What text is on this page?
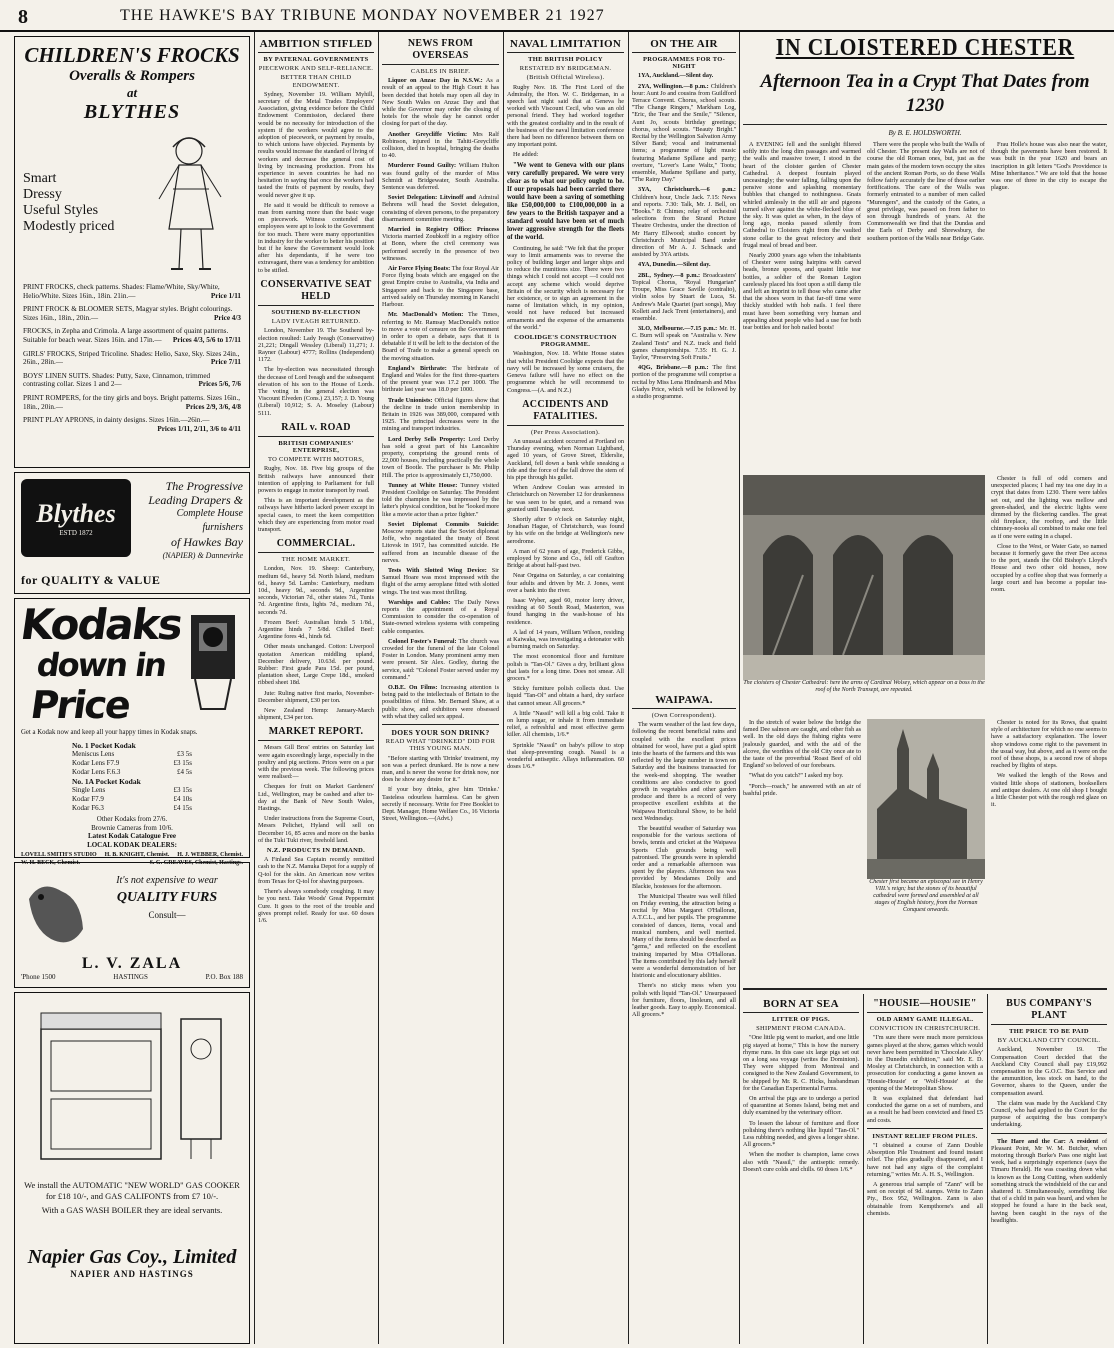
8	THE HAWKE'S BAY TRIBUNE MONDAY NOVEMBER 21 1927
CHILDREN'S FROCKS
Overalls & Rompers
at
BLYTHES
Smart
Dressy
Useful Styles
Modestly priced
PRINT FROCKS, check patterns. Shades: Flame/White, Sky/White, Helio/White. Sizes 16in., 18in. 21in.—	Price 1/11
PRINT FROCK & BLOOMER SETS, Magyar styles. Bright colourings. Sizes 16in., 18in., 20in.—	Price 4/3
FROCKS, in Zepha and Crimola. A large assortment of quaint patterns. Suitable for beach wear. Sizes 16in. and 17in.— Prices 4/3, 5/6 to 17/11
GIRLS' FROCKS, Striped Tricoline. Shades: Helio, Saxe, Sky. Sizes 24in., 26in., 28in.—	Price 7/11
BOYS' LINEN SUITS. Shades: Putty, Saxe, Cinnamon, trimmed contrasting collar. Sizes 1 and 2—	Prices 5/6, 7/6
PRINT ROMPERS, for the tiny girls and boys. Bright patterns. Sizes 16in., 18in., 20in.—	Prices 2/9, 3/6, 4/8
PRINT PLAY APRONS, in dainty designs. Sizes 16in.—26in.—
Prices 1/11, 2/11, 3/6 to 4/11
Blythes
ESTD 1872
The Progressive
Leading Drapers &
Complete House furnishers
of Hawkes Bay
(NAPIER) & Dannevirke
for QUALITY & VALUE
Kodaks
down in
Price
Get a Kodak now and keep all your happy times in Kodak snaps.
No. 1 Pocket Kodak
Meniscus Lens	£3 5s
Kodar Lens F7.9	£3 15s
Kodar Lens F.6.3	£4 5s
No. 1A Pocket Kodak
Single Lens	£3 15s
Kodar F7.9	£4 10s
Kodar F6.3	£4 15s
Other Kodaks from 27/6.
Brownie Cameras from 10/6.
Latest Kodak Catalogue Free
LOCAL KODAK DEALERS:
LOVELL SMITH'S STUDIO H. B. KNIGHT, Chemist. H. J. WEBBER, Chemist.
W. H. BECK, Chemist.	S. G. GREAVES, Chemist, Hastings.
It's not expensive to wear
QUALITY FURS
Consult—
L. V. ZALA
'Phone 1500	HASTINGS	P.O. Box 188
We install the AUTOMATIC "NEW WORLD" GAS COOKER for £18 10/-, and GAS CALIFONTS from £7 10/-.
With a GAS WASH BOILER they are ideal servants.
Napier Gas Coy., Limited
NAPIER AND HASTINGS
AMBITION STIFLED
BY PATERNAL GOVERNMENTS
PIECEWORK AND SELF-RELIANCE.
BETTER THAN CHILD ENDOWMENT.

Sydney, November 19. William Myhill, secretary of the Metal Trades Employers' Association, giving evidence before the Child Endowment Commission, declared there would be no necessity for introduction of the system if the workers would agree to the adoption of piecework, or payment by results, to which unions have objected. Payments by results would increase the standard of living of workers and decrease the general cost of living by increasing production. From his experience in seven countries he had no hesitation in saying that once the workers had tasted the fruits of payment by results, they would never give it up.

He said it would be difficult to remove a man from earning more than the basic wage on piecework. Witness contended that employees were apt to look to the Government for too much. There were many opportunities in industry for the worker to better his position but if he knew the Government would look after his dependants, if he were too extravagant, there was a tendency for ambition to be stifled.

CONSERVATIVE SEAT HELD
SOUTHEND BY-ELECTION
LADY IVEAGH RETURNED.

London, November 19. The Southend by-election resulted: Lady Iveagh (Conservative) 21,221; Dingall Wessley (Liberal) 11,271; J. Rayner (Labour) 4777; Rollins (Independent) 1172.

The by-election was necessitated through the decease of Lord Iveagh and the subsequent elevation of his son to the House of Lords. The voting in the general election was Viscount Elveden (Cons.) 23,157; J. D. Young (Liberal) 10,912; S. A. Moseley (Labour) 5111.

RAIL v. ROAD
BRITISH COMPANIES' ENTERPRISE,
TO COMPETE WITH MOTORS,

Rugby, Nov. 18. Five big groups of the British railways have announced their intention of applying to Parliament for full powers to engage in motor transport by road.

This is an important development as the railways have hitherto lacked power except in special cases, to meet the keen competition which they are experiencing from motor road transport.

COMMERCIAL.
THE HOME MARKET.

London, Nov. 19. Sheep: Canterbury, medium 6d., heavy 5d. North Island, medium 6d., heavy 5d. Lambs: Canterbury, medium 10d., heavy 9d., seconds 9d., Argentine seconds, Victorian 7d., other states 7d., Tunis 7d. Argentine firsts, lights 7d., medium 7d., seconds 7d.

Frozen Beef: Australian hinds 5 1/8d., Argentine hinds 7 5/8d. Chilled Beef: Argentine fores 4d., hinds 6d.

Other meats unchanged. Cotton: Liverpool quotation American middling upland, December delivery, 10.63d. per pound. Rubber: First grade Para 15d. per pound, plantation sheet, Large Crepe 18d., smoked ribbed sheet 18d.

Jute: Ruling native first marks, November-December shipment, £30 per ton.

New Zealand Hemp: January-March shipment, £34 per ton.

MARKET REPORT.

Messrs Gill Bros' entries on Saturday last were again exceedingly large, especially in the poultry and pig sections. Prices were on a par with the previous week. The following prices were realised:—

Cheques for fruit on Market Gardeners' Ltd., Wellington, may be cashed and after to-day at the Bank of New South Wales, Hastings.

Under instructions from the Supreme Court, Messrs Pelichet, Hyland will sell on December 16, 85 acres and more on the banks of the Tuki Tuki river, freehold land.

N.Z. PRODUCTS IN DEMAND.

A Finland Sea Captain recently remitted cash to the N.Z. Manuka Depot for a supply of Q-tol for the skin. An American now writes from Texas for Q-tol for shaving purposes.

There's always somebody coughing. It may be you next. Take Woods' Great Peppermint Cure. It goes to the root of the trouble and gives prompt relief. Ready for use. 60 doses 1/6.

NEWS FROM OVERSEAS
CABLES IN BRIEF.

Liquor on Anzac Day in N.S.W.: As a result of an appeal to the High Court it has been decided that hotels may open all day in New South Wales on Anzac Day and that while the Governor may order the closing of hotels for the whole day he cannot order closing for part of the day.

Another Greycliffe Victim: Mrs Ralf Robinson, injured in the Tahiti-Greycliffe collision, died in hospital, bringing the deaths to 40.

Murderer Found Guilty: William Hulton was found guilty of the murder of Miss Schmidt at Bridgewater, South Australia. Sentence was deferred.

Soviet Delegation: Litvinoff and Admiral Behrens will head the Soviet delegation, consisting of eleven persons, to the preparatory disarmament committee meeting.

Married in Registry Office: Princess Victoria married Zoubkoff in a registry office at Bonn, where the civil ceremony was performed secretly in the presence of two witnesses.

Air Force Flying Boats: The four Royal Air Force flying boats which are engaged on the great Empire cruise to Australia, via India and Singapore and back to the Singapore base, arrived safely on Thursday morning in Karachi Harbour.

Mr. MacDonald's Motion: The Times, referring to Mr. Ramsay MacDonald's notice to move a vote of censure on the Government in order to open a debate, says that it is debatable if it will be left to the decision of the Board of Trade to make a general speech on the moving situation.

England's Birthrate: The birthrate of England and Wales for the first three-quarters of the present year was 17.2 per 1000. The birthrate last year was 18.0 per 1000.

Trade Unionists: Official figures show that the decline in trade union membership in Britain in 1926 was 389,000, compared with 1925. The principal decreases were in the mining and transport industries.

Lord Derby Sells Property: Lord Derby has sold a great part of his Lancashire property, comprising the ground rents of 22,000 houses, including practically the whole town of Bootle. The purchaser is Mr. Philip Hill. The price is approximately £1,750,000.

Tunney at White House: Tunney visited President Coolidge on Saturday. The President told the champion he was impressed by the latter's physical condition, but he ''looked more like a movie actor than a prize fighter.''

Soviet Diplomat Commits Suicide: Moscow reports state that the Soviet diplomat Joffe, who negotiated the treaty of Brest Litovsk in 1917, has committed suicide. He suffered from an incurable disease of the nerves.

Tests With Slotted Wing Device: Sir Samuel Hoare was most impressed with the flight of the army aeroplane fitted with slotted wings. The test was most thrilling.

Warships and Cables: The Daily News reports the appointment of a Royal Commission to consider the co-operation of State-owned wireless systems with competing cable companies.

Colonel Foster's Funeral: The church was crowded for the funeral of the late Colonel Foster in London. Many prominent army men were present. Sir Alex. Godley, during the service, said: ''Colonel Foster served under my command.''

O.B.E. On Films: Increasing attention is being paid to the intellectuals of Britain to the possibilities of films. Mr. Bernard Shaw, at a public show, and exhibitors were obsessed with what they called sex appeal.

DOES YOUR SON DRINK?
READ WHAT "DRINKED" DID FOR THIS YOUNG MAN.

"Before starting with 'Drinke' treatment, my son was a perfect drunkard. He is now a new man, and is never the worse for drink now, nor does he show any desire for it."

If your boy drinks, give him 'Drinke.' Tasteless odourless harmless. Can be given secretly if necessary. Write for Free Booklet to Dept. Manager, Home Welfare Co., 16 Victoria Street, Wellington.—(Advt.)

NAVAL LIMITATION
THE BRITISH POLICY
RESTATED BY BRIDGEMAN.
(British Official Wireless).

Rugby Nov. 18. The First Lord of the Admiralty, the Hon. W. C. Bridgeman, in a speech last night said that at Geneva he worked with Viscount Cecil, who was an old personal friend. They had worked together with the greatest cordiality and in the result of the business of the naval limitation conference there had been no difference between them on any important point.

He added:

"We went to Geneva with our plans very carefully prepared. We were very clear as to what our policy ought to be. If our proposals had been carried there would have been a saving of something like £50,000,000 to £100,000,000 in a few years to the British taxpayer and a standard would have been set of much lower aggressive strength for the fleets of the world.

Continuing, he said: "We felt that the proper way to limit armaments was to reverse the policy of building larger and larger ships and to reduce the munitions size. There were two things which I could not accept —I could not accept any scheme which would deprive Britain of the security which is necessary for her existence, or to sign an agreement in the name of limitation which, in my opinion, would not have reduced but increased armaments and the expense of the armaments of the world."

COOLIDGE'S CONSTRUCTION PROGRAMME.

Washington, Nov. 18. White House states that whilst President Coolidge expects that the navy will be increased by some cruisers, the Geneva failure will have no effect on the programme which he will recommend to Congress.—(A. and N.Z.)

ACCIDENTS AND FATALITIES.
(Per Press Association).

An unusual accident occurred at Portland on Thursday evening, when Norman Lightband, aged 10 years, of Grove Street, Elderslie, Auckland, fell down a bank while sneaking a ride and the force of the fall drove the stem of his pipe through his gullet.

When Andrew Coulan was arrested in Christchurch on November 12 for drunkenness he was seen to be quiet, and a remand was granted until Tuesday next.

Shortly after 9 o'clock on Saturday night, Jonathan Hague, of Christchurch, was found by his wife on the bridge at Wellington's new aerodrome.

A man of 62 years of age, Frederick Gibbs, employed by Stone and Co., fell off Grafton Bridge at about half-past two.

Near Orgatna on Saturday, a car containing four adults and driven by Mr. J. Jones, went over a bank into the river.

Isaac Wyber, aged 60, motor lorry driver, residing at 60 South Road, Masterton, was found hanging in the wash-house of his residence.

A lad of 14 years, William Wilson, residing at Kaiwaka, was investigating a detonator with a burning match on Saturday.

The most economical floor and furniture polish is "Tan-Ol." Gives a dry, brilliant gloss that lasts for a long time. Does not smear. All grocers.*

Sticky furniture polish collects dust. Use liquid "Tan-Ol" and obtain a hard, dry surface that cannot smear. All grocers.*

A little "Nassil" will kill a big cold. Take it on lump sugar, or inhale it from immediate relief, a refreshful and most effective germ killer. All chemists, 1/6.*

Sprinkle "Nassil" on baby's pillow to stop that sleep-preventing cough. Nassil is a wonderful antiseptic. Allays inflammation. 60 doses 1/6.*

ON THE AIR
PROGRAMMES FOR TO-NIGHT

1YA, Auckland.—Silent day.

2YA, Wellington.—8 p.m.: Children's hour: Aunt Jo and cousins from Guildford Terrace Convent. Chorus, school scouts. ''The Change Ringers,'' Markham Log, ''Eric, the Tear and the Smile,'' ''Silence, Aunt Jo, scouts birthday greetings; chorus, school scouts. ''Beauty Bright.'' Recital by the Wellington Salvation Army Silver Band; vocal and instrumental items; a programme of light music featuring Madame Spillane and party; overture, ''Lover's Lane Waltz,'' Toots; ensemble, Madame Spillane and party, ''The Rainy Day.''

3YA, Christchurch.—6 p.m.: Children's hour, Uncle Jack. 7.15: News and reports. 7.30: Talk, Mr. J. Bell, on ''Books.'' 8: Chimes; relay of orchestral selections from the Strand Picture Theatre Orchestra, under the direction of Mr Harry Ellwood; studio concert by Christchurch Municipal Band under direction of Mr A. J. Schnack and assisted by 3YA artists.

4YA, Dunedin.—Silent day.

2BL, Sydney.—8 p.m.: Broadcasters' Topical Chorus, ''Royal Hungarian'' Troupe, Miss Grace Saville (contralto), violin solos by Stuart de Luca, St. Andrew's Male Quartet (part songs), May Kollett and Jack Trent (entertainers), and ensemble.

3LO, Melbourne.—7.15 p.m.: Mr. H. C. Burn will speak on ''Australia v. New Zealand Tests'' and N.Z. track and field games championships. 7.35: H. G. J. Taylor, ''Preserving Soft Fruits.''

4QG, Brisbane.—8 p.m.: The first portion of the programme will comprise a recital by Miss Lena Hindmarsh and Miss Gladys Price, which will be followed by a studio programme.

WAIPAWA.
(Own Correspondent).

The warm weather of the last few days, following the recent beneficial rains and coupled with the excellent prices obtained for wool, have put a glad spirit into the hearts of the farmers and this was reflected by the large number in town on Saturday and the business transacted for the week-end shopping. The weather conditions are also conducive to good growth in vegetables and other garden produce and there is a record of very prospective excellent exhibits at the Waipawa Horticultural Show, to be held next Wednesday.

The beautiful weather of Saturday was responsible for the various sections of bowls, tennis and cricket at the Waipawa Sports Club grounds being well patronised. The grounds were in splendid order and a remarkable afternoon was spent by the players. Afternoon tea was provided by Mesdames Dolly and Blackie, hostesses for the afternoon.

The Municipal Theatre was well filled on Friday evening, the attraction being a recital by Miss Margaret O'Halloran, A.T.C.L., and her pupils. The programme consisted of dances, items, vocal and musical numbers, and well merited. Many of the items should be described as ''gems,'' and reflected on the excellent training imparted by Miss O'Halloran. The items contributed by this lady herself were a wonderful demonstration of her histrionic and elocutionary abilities.

There's no sticky mess when you polish with liquid "Tan-Ol." Unsurpassed for furniture, floors, linoleum, and all leather goods. Easy to apply. Economical. All grocers.*

IN CLOISTERED CHESTER
Afternoon Tea in a Crypt That Dates from 1230
By B. E. HOLDSWORTH.

A EVENING fell and the sunlight filtered softly into the long dim passages and warmed the walls and massive tower, I stood in the heart of the cloister garden of Chester Cathedral. A deepest fountain played unceasingly; the water falling, falling upon the pensive stone and splashing momentary bubbles that changed to nothingness. Gnats whirled aimlessly in the still air and pigeons turned silver against the white-flecked blue of the sky. It was quiet as when, in the days of long ago, monks passed silently from Cathedral to Cloisters right from the vaulted stone cellar to the great refectory and their frugal meal of bread and beer.

Nearly 2000 years ago when the inhabitants of Chester were using hairpins with carved heads, bronze spoons, and quaint little tear bottles, a soldier of the Roman Legion carelessly placed his foot upon a still damp tile and left an imprint to tell those who came after that the shoes worn in that far-off time were thickly studded with hob nails. I feel there must have been something very human and appealing about people who had a use for both tear bottles and for hob nailed boots!

There were the people who built the Walls of old Chester. The present day Walls are not of course the old Roman ones, but, just as the main gates of the modern town occupy the sites of the ancient Roman Ports, so do these Walls follow fairly accurately the line of those earlier fortifications. The care of the Walls was formerly entrusted to a number of men called ''Murengers'', and the custody of the Gates, a great privilege, was passed on from father to son through hundreds of years. At the Commonwealth we find that the Dundas and the Earls of Derby and Shrewsbury, the southern portion of the Walls near Bridge Gate.

Frau Holle's house was also near the water, though the pavements have been restored. It was built in the year 1620 and bears an inscription in gilt letters ''God's Providence is Mine Inheritance.'' We are told that the house was one of three in the city to escape the plague.

The cloisters of Chester Cathedral: here the arms of Cardinal Wolsey, which appear on a boss in the roof of the North Transept, are repeated.

Chester is full of odd corners and unexpected places; I had my tea one day in a crypt that dates from 1230. There were tables set out, and the lighting was mellow and green-shaded, and the electric lights were dimmed by the flickering candles. The great old fireplace, the rooftop, and the little chimney-nooks all combined to make one feel as if one were eating in a chapel.

Close to the West, or Water Gate, so named because it formerly gave the river Dee access to the port, stands the Old Bishop's Lloyd's House and two other old houses, now occupied by a coffee shop that was formerly a large court and has become a popular tea-room.

In the stretch of water below the bridge the famed Dee salmon are caught, and other fish as well. In the old days the fishing rights were jealously guarded, and with the aid of the alcove, the worthies of the old City once ate to the taste of the proverbial 'Roast Beef of old England' so beloved of our forebears.

''What do you catch?'' I asked my boy.

''Porch—roach,'' he answered with an air of bashful pride.

Chester first became an episcopal see in Henry VIII.'s reign; but the stones of its beautiful cathedral were formed and assembled at all stages of English history, from the Norman Conquest onwards.

Chester is noted for its Rows, that quaint style of architecture for which no one seems to have a satisfactory explanation. The lower shop windows come right to the pavement in the usual way, but above, and as it were on the roof of these shops, is a second row of shops reached by flights of steps.

We walked the length of the Rows and visited little shops of stationers, booksellers and antique dealers. At one old shop I bought a little Chester pot with the rough red glaze on it.

BORN AT SEA
LITTER OF PIGS.
SHIPMENT FROM CANADA.

"One little pig went to market, and one little pig stayed at home," This is how the nursery rhyme runs. In this case six large pigs set out on a long sea voyage (writes the Dominion). They were shipped from Montreal and consigned to the New Zealand Government, to be shipped by Mr. R. C. Hicks, husbandman for the Canadian Experimental Farms.

On arrival the pigs are to undergo a period of quarantine at Somes Island, being met and duly examined by the veterinary officer.

To lessen the labour of furniture and floor polishing there's nothing like liquid "Tan-Ol." Less rubbing needed, and gives a longer shine. All grocers.*

When the mother is champion, lame cows also with "Nassil," the antiseptic remedy. Doesn't cure colds and chills. 60 doses 1/6.*

"HOUSIE—HOUSIE"
OLD ARMY GAME ILLEGAL.
CONVICTION IN CHRISTCHURCH.

"I'm sure there were much more pernicious games played at the show, games which would never have been permitted in 'Chocolate Alley' in the Dunedin exhibition," said Mr. E. D. Mosley at Christchurch, in connection with a prosecution for conducting a game known as 'Housie-Housie' or 'Wolf-Housie' at the opening of the Metropolitan Show.

It was explained that defendant had conducted the game on a set of numbers, and as a result he had been convicted and fined £5 and costs.

INSTANT RELIEF FROM PILES.

"I obtained a course of Zann Double Absorption Pile Treatment and found instant relief. The piles gradually disappeared, and I have not had any signs of the complaint returning," writes Mr. A. H. S., Wellington.

A generous trial sample of "Zann" will be sent on receipt of 9d. stamps. Write to Zann Pty., Box 952, Wellington. Zann is also obtainable from Kempthorne's and all chemists.

BUS COMPANY'S PLANT
THE PRICE TO BE PAID
BY AUCKLAND CITY COUNCIL.

Auckland, November 19. The Compensation Court decided that the Auckland City Council shall pay £19,992 compensation to the G.O.C. Bus Service and the ammunition, less stock on hand, to the Governor, shares to the Queen, under the compensation award.

The claim was made by the Auckland City Council, who had applied to the Court for the purpose of acquiring the bus company's undertaking.

The Hare and the Car: A resident of Pleasant Point, Mr W. M. Butcher, when motoring through Burke's Pass one night last week, had a surprisingly experience (says the Timaru Herald). He was coasting down what is known as the Long Cutting, when suddenly something struck the windshield of the car and shattered it. Simultaneously, something like that of a child in pain was heard, and when he stopped he found a hare in the back seat, having been caught in the rays of the headlights.
